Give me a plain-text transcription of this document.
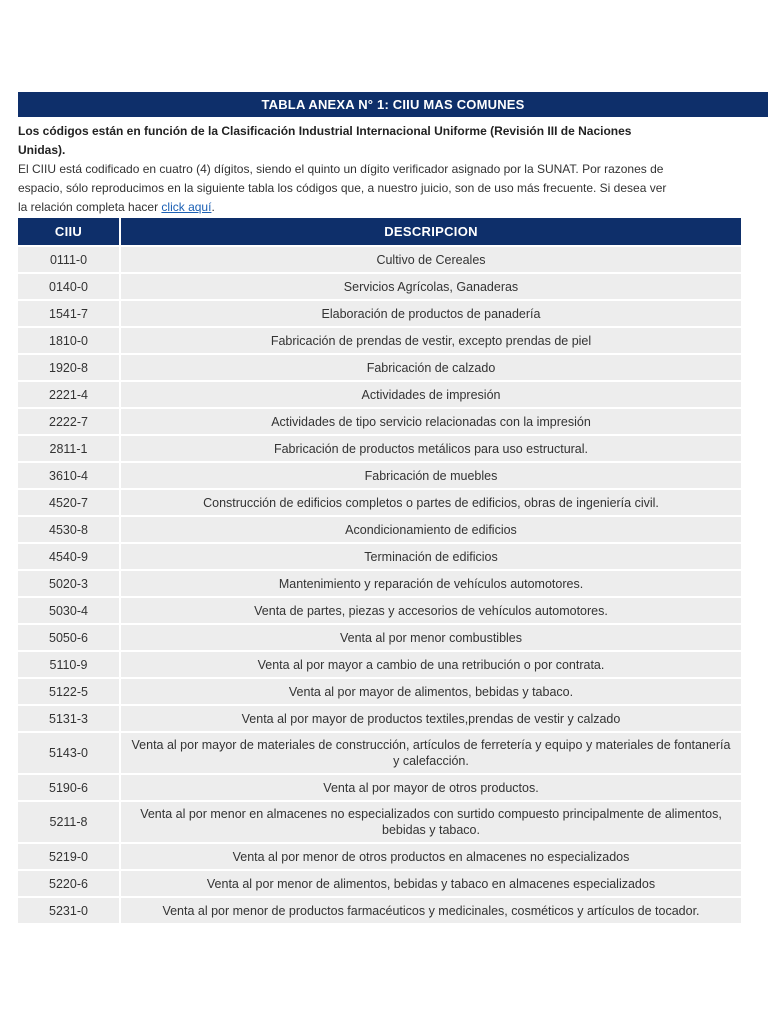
TABLA ANEXA N° 1: CIIU MAS COMUNES
Los códigos están en función de la Clasificación Industrial Internacional Uniforme (Revisión III de Naciones Unidas).
El CIIU está codificado en cuatro (4) dígitos, siendo el quinto un dígito verificador asignado por la SUNAT. Por razones de espacio, sólo reproducimos en la siguiente tabla los códigos que, a nuestro juicio, son de uso más frecuente. Si desea ver la relación completa hacer click aquí.
CIIU	DESCRIPCION
0111-0	Cultivo de Cereales
0140-0	Servicios Agrícolas, Ganaderas
1541-7	Elaboración de productos de panadería
1810-0	Fabricación de prendas de vestir, excepto prendas de piel
1920-8	Fabricación de calzado
2221-4	Actividades de impresión
2222-7	Actividades de tipo servicio relacionadas con la impresión
2811-1	Fabricación de productos metálicos para uso estructural.
3610-4	Fabricación de muebles
4520-7	Construcción de edificios completos o partes de edificios, obras de ingeniería civil.
4530-8	Acondicionamiento de edificios
4540-9	Terminación de edificios
5020-3	Mantenimiento y reparación de vehículos automotores.
5030-4	Venta de partes, piezas y accesorios de vehículos automotores.
5050-6	Venta al por menor combustibles
5110-9	Venta al por mayor a cambio de una retribución o por contrata.
5122-5	Venta al por mayor de alimentos, bebidas y tabaco.
5131-3	Venta al por mayor de productos textiles,prendas de vestir y calzado
5143-0	Venta al por mayor de materiales de construcción, artículos de ferretería y equipo y materiales de fontanería y calefacción.
5190-6	Venta al por mayor de otros productos.
5211-8	Venta al por menor en almacenes no especializados con surtido compuesto principalmente de alimentos, bebidas y tabaco.
5219-0	Venta al por menor de otros productos en almacenes no especializados
5220-6	Venta al por menor de alimentos, bebidas y tabaco en almacenes especializados
5231-0	Venta al por menor de productos farmacéuticos y medicinales, cosméticos y artículos de tocador.
